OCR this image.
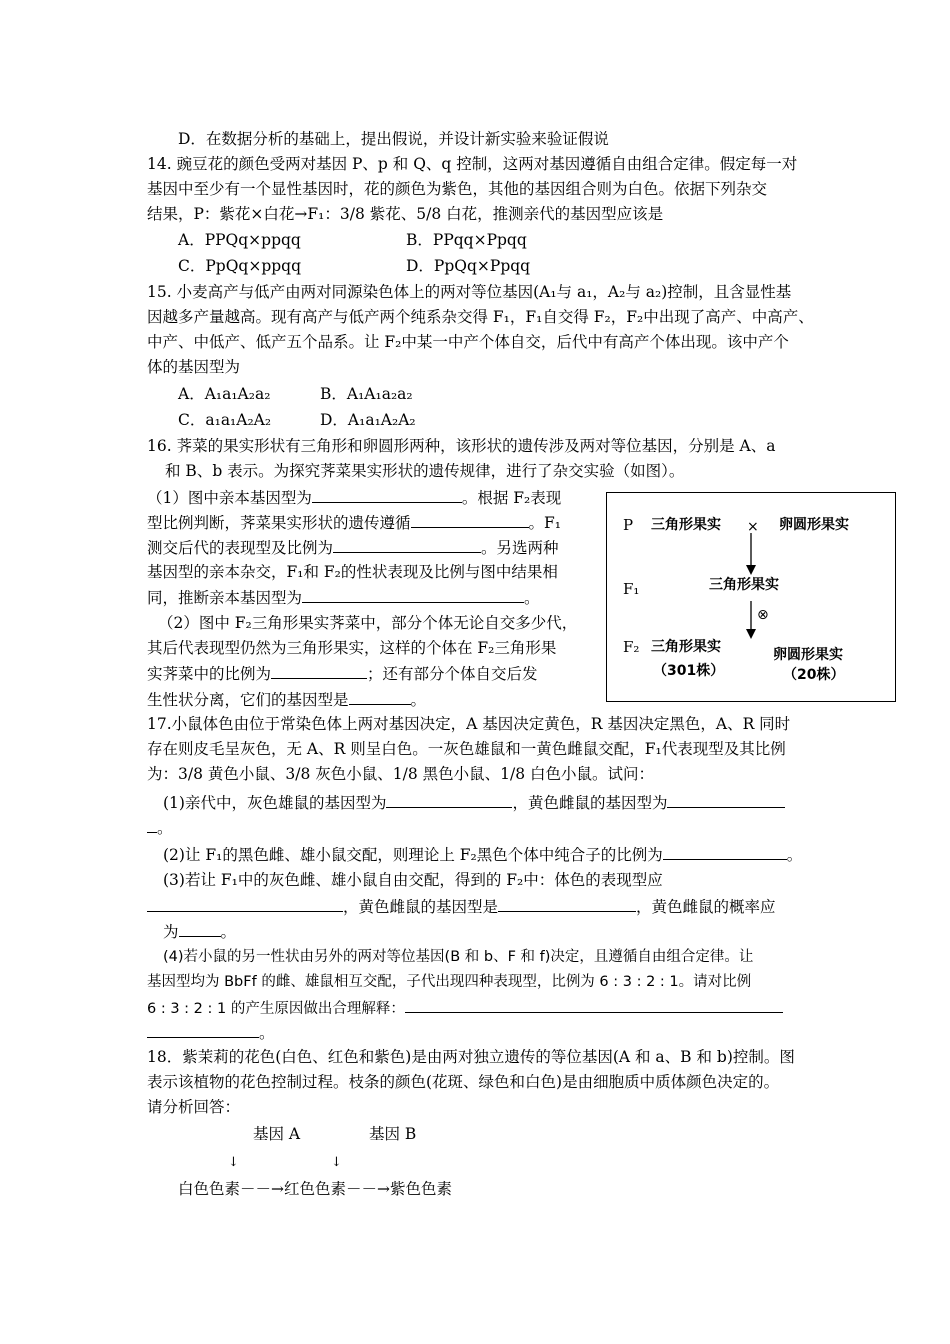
D．在数据分析的基础上，提出假说，并设计新实验来验证假说
14. 豌豆花的颜色受两对基因 P、p 和 Q、q 控制，这两对基因遵循自由组合定律。假定每一对
基因中至少有一个显性基因时，花的颜色为紫色，其他的基因组合则为白色。依据下列杂交
结果，P：紫花×白花→F₁：3/8 紫花、5/8 白花，推测亲代的基因型应该是
A．PPQq×ppqq	B．PPqq×Ppqq
C．PpQq×ppqq	D．PpQq×Ppqq
15. 小麦高产与低产由两对同源染色体上的两对等位基因(A₁与 a₁，A₂与 a₂)控制，且含显性基
因越多产量越高。现有高产与低产两个纯系杂交得 F₁，F₁自交得 F₂，F₂中出现了高产、中高产、
中产、中低产、低产五个品系。让 F₂中某一中产个体自交，后代中有高产个体出现。该中产个
体的基因型为
A．A₁a₁A₂a₂	B．A₁A₁a₂a₂
C．a₁a₁A₂A₂	D．A₁a₁A₂A₂
16. 荠菜的果实形状有三角形和卵圆形两种，该形状的遗传涉及两对等位基因，分别是 A、a
和 B、b 表示。为探究荠菜果实形状的遗传规律，进行了杂交实验（如图）。
（1）图中亲本基因型为	。根据 F₂表现
型比例判断，荠菜果实形状的遗传遵循	。F₁
测交后代的表现型及比例为	。另选两种
基因型的亲本杂交，F₁和 F₂的性状表现及比例与图中结果相
同，推断亲本基因型为	。
（2）图中 F₂三角形果实荠菜中，部分个体无论自交多少代，
其后代表现型仍然为三角形果实，这样的个体在 F₂三角形果
实荠菜中的比例为	；还有部分个体自交后发
生性状分离，它们的基因型是	。
P 三角形果实 × 卵圆形果实
F₁	三角形果实
⊗
F₂ 三角形果实
（301株）
卵圆形果实
（20株）
17.小鼠体色由位于常染色体上两对基因决定，A 基因决定黄色，R 基因决定黑色，A、R 同时
存在则皮毛呈灰色，无 A、R 则呈白色。一灰色雄鼠和一黄色雌鼠交配，F₁代表现型及其比例
为：3/8 黄色小鼠、3/8 灰色小鼠、1/8 黑色小鼠、1/8 白色小鼠。试问：
(1)亲代中，灰色雄鼠的基因型为	，黄色雌鼠的基因型为
。
(2)让 F₁的黑色雌、雄小鼠交配，则理论上 F₂黑色个体中纯合子的比例为	。
(3)若让 F₁中的灰色雌、雄小鼠自由交配，得到的 F₂中：体色的表现型应
，黄色雌鼠的基因型是	，黄色雌鼠的概率应
为	。
(4)若小鼠的另一性状由另外的两对等位基因(B 和 b、F 和 f)决定，且遵循自由组合定律。让
基因型均为 BbFf 的雌、雄鼠相互交配，子代出现四种表现型，比例为 6 : 3 : 2 : 1。请对比例
6 : 3 : 2 : 1 的产生原因做出合理解释：
。
18．紫茉莉的花色(白色、红色和紫色)是由两对独立遗传的等位基因(A 和 a、B 和 b)控制。图
表示该植物的花色控制过程。枝条的颜色(花斑、绿色和白色)是由细胞质中质体颜色决定的。
请分析回答：
基因 A	基因 B
↓	↓
白色色素－－→红色色素－－→紫色色素
